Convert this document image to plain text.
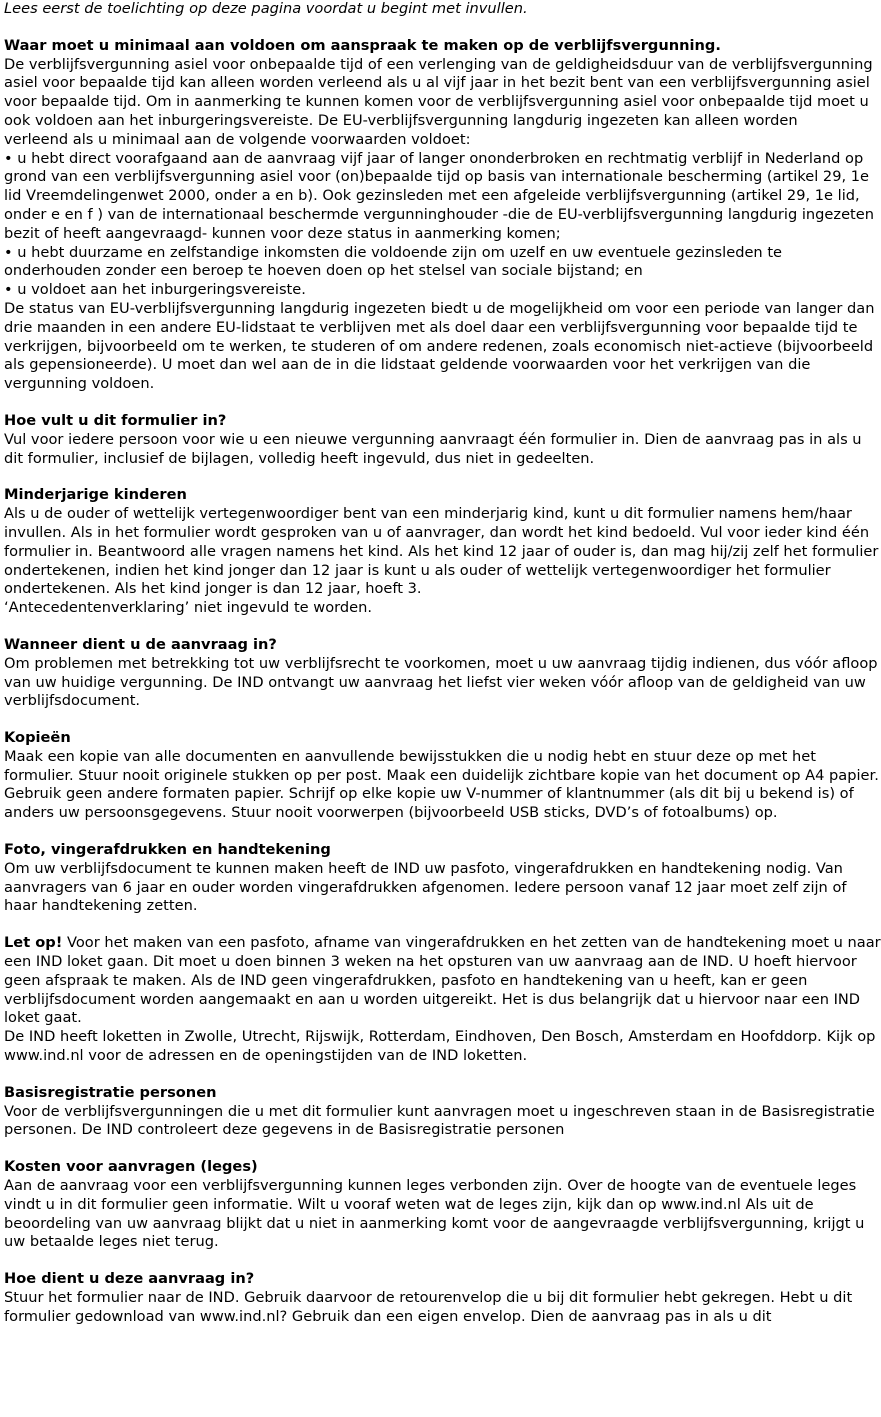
Lees eerst de toelichting op deze pagina voordat u begint met invullen.
Waar moet u minimaal aan voldoen om aanspraak te maken op de verblijfsvergunning.
De verblijfsvergunning asiel voor onbepaalde tijd of een verlenging van de geldigheidsduur van de verblijfsvergunning asiel voor bepaalde tijd kan alleen worden verleend als u al vijf jaar in het bezit bent van een verblijfsvergunning asiel voor bepaalde tijd. Om in aanmerking te kunnen komen voor de verblijfsvergunning asiel voor onbepaalde tijd moet u ook voldoen aan het inburgeringsvereiste. De EU-verblijfsvergunning langdurig ingezeten kan alleen worden
verleend als u minimaal aan de volgende voorwaarden voldoet:
• u hebt direct voorafgaand aan de aanvraag vijf jaar of langer ononderbroken en rechtmatig verblijf in Nederland op grond van een verblijfsvergunning asiel voor (on)bepaalde tijd op basis van internationale bescherming (artikel 29, 1e lid Vreemdelingenwet 2000, onder a en b). Ook gezinsleden met een afgeleide verblijfsvergunning (artikel 29, 1e lid, onder e en f ) van de internationaal beschermde vergunninghouder -die de EU-verblijfsvergunning langdurig ingezeten bezit of heeft aangevraagd- kunnen voor deze status in aanmerking komen;
• u hebt duurzame en zelfstandige inkomsten die voldoende zijn om uzelf en uw eventuele gezinsleden te onderhouden zonder een beroep te hoeven doen op het stelsel van sociale bijstand; en
• u voldoet aan het inburgeringsvereiste.
De status van EU-verblijfsvergunning langdurig ingezeten biedt u de mogelijkheid om voor een periode van langer dan drie maanden in een andere EU-lidstaat te verblijven met als doel daar een verblijfsvergunning voor bepaalde tijd te verkrijgen, bijvoorbeeld om te werken, te studeren of om andere redenen, zoals economisch niet-actieve (bijvoorbeeld als gepensioneerde). U moet dan wel aan de in die lidstaat geldende voorwaarden voor het verkrijgen van die vergunning voldoen.
Hoe vult u dit formulier in?
Vul voor iedere persoon voor wie u een nieuwe vergunning aanvraagt één formulier in. Dien de aanvraag pas in als u dit formulier, inclusief de bijlagen, volledig heeft ingevuld, dus niet in gedeelten.
Minderjarige kinderen
Als u de ouder of wettelijk vertegenwoordiger bent van een minderjarig kind, kunt u dit formulier namens hem/haar invullen. Als in het formulier wordt gesproken van u of aanvrager, dan wordt het kind bedoeld. Vul voor ieder kind één formulier in. Beantwoord alle vragen namens het kind. Als het kind 12 jaar of ouder is, dan mag hij/zij zelf het formulier ondertekenen, indien het kind jonger dan 12 jaar is kunt u als ouder of wettelijk vertegenwoordiger het formulier ondertekenen. Als het kind jonger is dan 12 jaar, hoeft 3.
‘Antecedentenverklaring’ niet ingevuld te worden.
Wanneer dient u de aanvraag in?
Om problemen met betrekking tot uw verblijfsrecht te voorkomen, moet u uw aanvraag tijdig indienen, dus vóór afloop van uw huidige vergunning. De IND ontvangt uw aanvraag het liefst vier weken vóór afloop van de geldigheid van uw verblijfsdocument.
Kopieën
Maak een kopie van alle documenten en aanvullende bewijsstukken die u nodig hebt en stuur deze op met het formulier. Stuur nooit originele stukken op per post. Maak een duidelijk zichtbare kopie van het document op A4 papier. Gebruik geen andere formaten papier. Schrijf op elke kopie uw V-nummer of klantnummer (als dit bij u bekend is) of anders uw persoonsgegevens. Stuur nooit voorwerpen (bijvoorbeeld USB sticks, DVD’s of fotoalbums) op.
Foto, vingerafdrukken en handtekening
Om uw verblijfsdocument te kunnen maken heeft de IND uw pasfoto, vingerafdrukken en handtekening nodig. Van aanvragers van 6 jaar en ouder worden vingerafdrukken afgenomen. Iedere persoon vanaf 12 jaar moet zelf zijn of haar handtekening zetten.
Let op! Voor het maken van een pasfoto, afname van vingerafdrukken en het zetten van de handtekening moet u naar een IND loket gaan. Dit moet u doen binnen 3 weken na het opsturen van uw aanvraag aan de IND. U hoeft hiervoor geen afspraak te maken. Als de IND geen vingerafdrukken, pasfoto en handtekening van u heeft, kan er geen verblijfsdocument worden aangemaakt en aan u worden uitgereikt. Het is dus belangrijk dat u hiervoor naar een IND loket gaat.
De IND heeft loketten in Zwolle, Utrecht, Rijswijk, Rotterdam, Eindhoven, Den Bosch, Amsterdam en Hoofddorp. Kijk op www.ind.nl voor de adressen en de openingstijden van de IND loketten.
Basisregistratie personen
Voor de verblijfsvergunningen die u met dit formulier kunt aanvragen moet u ingeschreven staan in de Basisregistratie personen. De IND controleert deze gegevens in de Basisregistratie personen
Kosten voor aanvragen (leges)
Aan de aanvraag voor een verblijfsvergunning kunnen leges verbonden zijn. Over de hoogte van de eventuele leges vindt u in dit formulier geen informatie. Wilt u vooraf weten wat de leges zijn, kijk dan op www.ind.nl Als uit de beoordeling van uw aanvraag blijkt dat u niet in aanmerking komt voor de aangevraagde verblijfsvergunning, krijgt u uw betaalde leges niet terug.
Hoe dient u deze aanvraag in?
Stuur het formulier naar de IND. Gebruik daarvoor de retourenvelop die u bij dit formulier hebt gekregen. Hebt u dit formulier gedownload van www.ind.nl? Gebruik dan een eigen envelop. Dien de aanvraag pas in als u dit
